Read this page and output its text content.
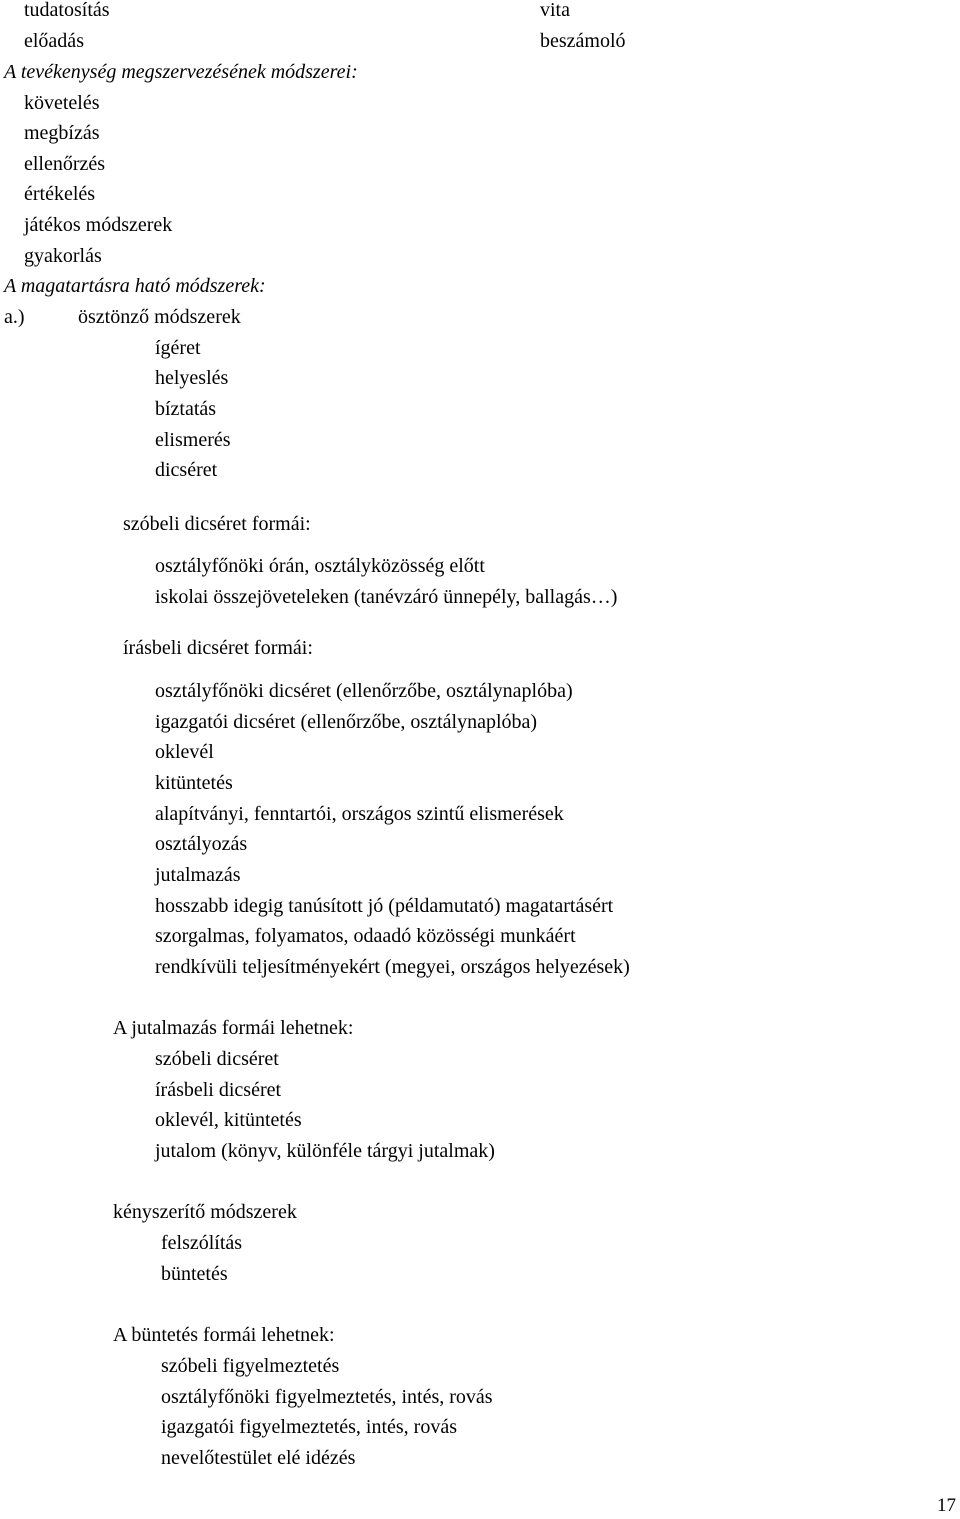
tudatosítás
előadás
vita
beszámoló
A tevékenység megszervezésének módszerei:
követelés
megbízás
ellenőrzés
értékelés
játékos módszerek
gyakorlás
A magatartásra ható módszerek:
a.)	ösztönző módszerek
ígéret
helyeslés
bíztatás
elismerés
dicséret
szóbeli dicséret formái:
osztályfőnöki órán, osztályközösség előtt
iskolai összejöveteleken (tanévzáró ünnepély, ballagás…)
írásbeli dicséret formái:
osztályfőnöki dicséret (ellenőrzőbe, osztálynaplóba)
igazgatói dicséret (ellenőrzőbe, osztálynaplóba)
oklevél
kitüntetés
alapítványi, fenntartói, országos szintű elismerések
osztályozás
jutalmazás
hosszabb idegig tanúsított jó (példamutató) magatartásért
szorgalmas, folyamatos, odaadó közösségi munkáért
rendkívüli teljesítményekért (megyei, országos helyezések)
A jutalmazás formái lehetnek:
szóbeli dicséret
írásbeli dicséret
oklevél, kitüntetés
jutalom (könyv, különféle tárgyi jutalmak)
kényszerítő módszerek
felszólítás
büntetés
A büntetés formái lehetnek:
szóbeli figyelmeztetés
osztályfőnöki figyelmeztetés, intés, rovás
igazgatói figyelmeztetés, intés, rovás
nevelőtestület elé idézés
17
